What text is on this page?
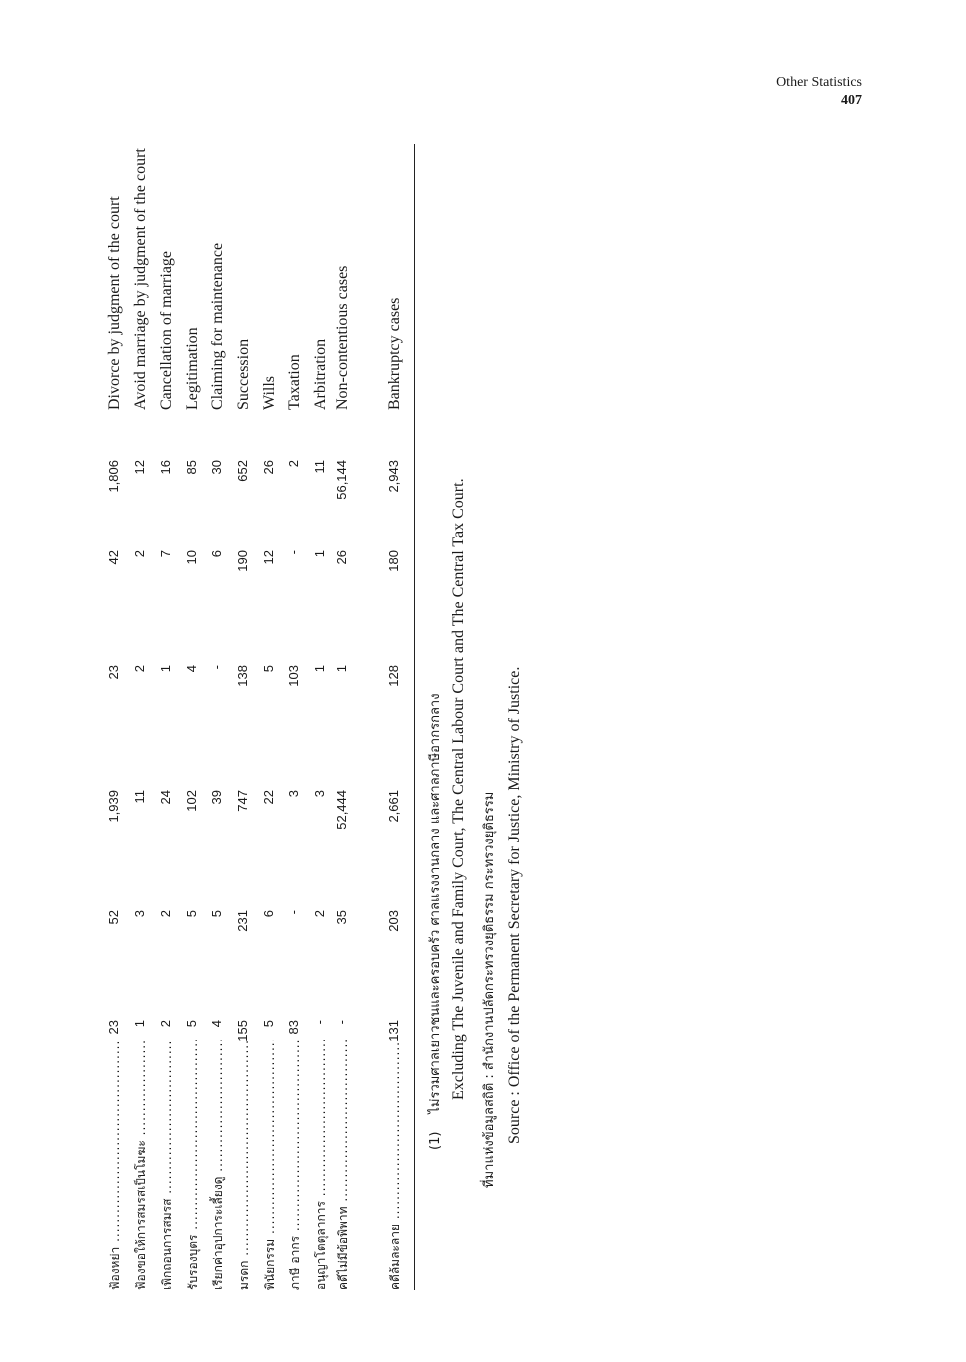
Other Statistics
407
ฟ้องหย่า .....
23
52
1,939
23
42
1,806
Divorce by judgment of the court
ฟ้องขอให้การสมรสเป็นโมฆะ .....
1
3
11
2
2
12
Avoid marriage by judgment of the court
เพิกถอนการสมรส .....
2
2
24
1
7
16
Cancellation of marriage
รับรองบุตร .....
5
5
102
4
10
85
Legitimation
เรียกค่าอุปการะเลี้ยงดู .....
4
5
39
-
6
30
Claiming for maintenance
มรดก .....
155
231
747
138
190
652
Succession
พินัยกรรม .....
5
6
22
5
12
26
Wills
ภาษี อากร .....
83
-
3
103
-
2
Taxation
อนุญาโตตุลาการ .....
-
2
3
1
1
11
Arbitration
คดีไม่มีข้อพิพาท .....
-
35
52,444
1
26
56,144
Non-contentious cases
คดีล้มละลาย .....
131
203
2,661
128
180
2,943
Bankruptcy cases
(1)ไม่รวมศาลเยาวชนและครอบครัว ศาลแรงงานกลาง และศาลภาษีอากรกลาง Excluding The Juvenile and Family Court, The Central Labour Court and The Central Tax Court.	ที่มาแห่งข้อมูลสถิติ : สำนักงานปลัดกระทรวงยุติธรรม กระทรวงยุติธรรม Source : Office of the Permanent Secretary for Justice, Ministry of Justice.
